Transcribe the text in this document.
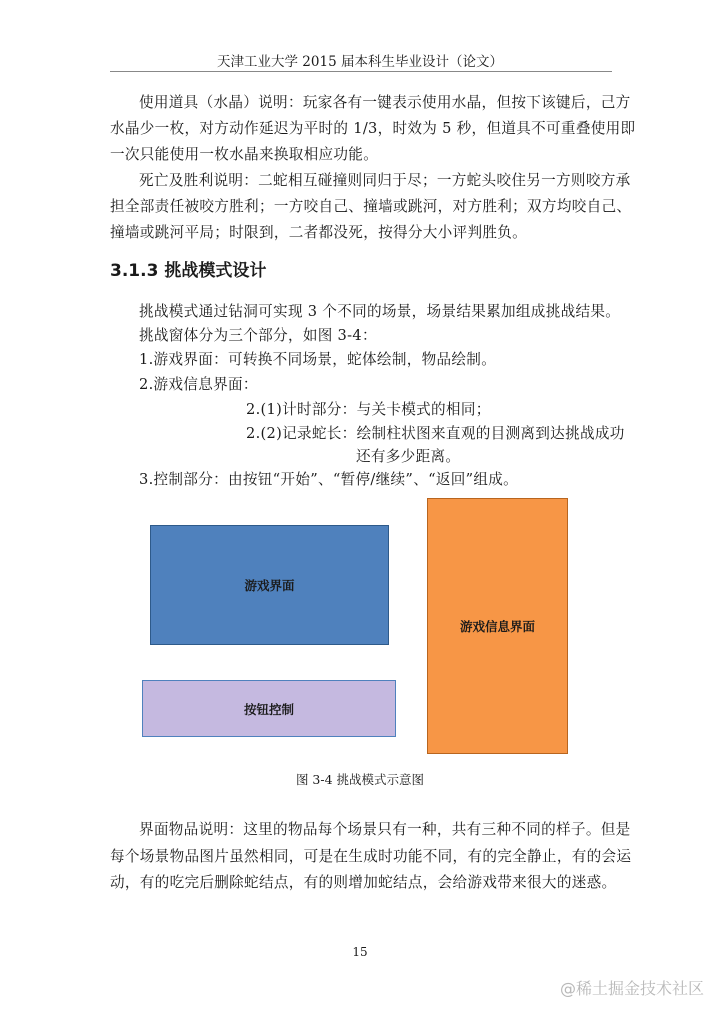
天津工业大学 2015 届本科生毕业设计（论文）
使用道具（水晶）说明：玩家各有一键表示使用水晶，但按下该键后，己方
水晶少一枚，对方动作延迟为平时的 1/3，时效为 5 秒，但道具不可重叠使用即
一次只能使用一枚水晶来换取相应功能。
死亡及胜利说明：二蛇相互碰撞则同归于尽；一方蛇头咬住另一方则咬方承
担全部责任被咬方胜利；一方咬自己、撞墙或跳河，对方胜利；双方均咬自己、
撞墙或跳河平局；时限到，二者都没死，按得分大小评判胜负。
3.1.3 挑战模式设计
挑战模式通过钻洞可实现 3 个不同的场景，场景结果累加组成挑战结果。
挑战窗体分为三个部分，如图 3-4：
1.游戏界面：可转换不同场景，蛇体绘制，物品绘制。
2.游戏信息界面：
2.(1)计时部分：与关卡模式的相同；
2.(2)记录蛇长：绘制柱状图来直观的目测离到达挑战成功
还有多少距离。
3.控制部分：由按钮“开始”、“暂停/继续”、“返回”组成。
游戏界面
按钮控制
游戏信息界面
图 3-4 挑战模式示意图
界面物品说明：这里的物品每个场景只有一种，共有三种不同的样子。但是
每个场景物品图片虽然相同，可是在生成时功能不同，有的完全静止，有的会运
动，有的吃完后删除蛇结点，有的则增加蛇结点，会给游戏带来很大的迷惑。
15
@稀土掘金技术社区
